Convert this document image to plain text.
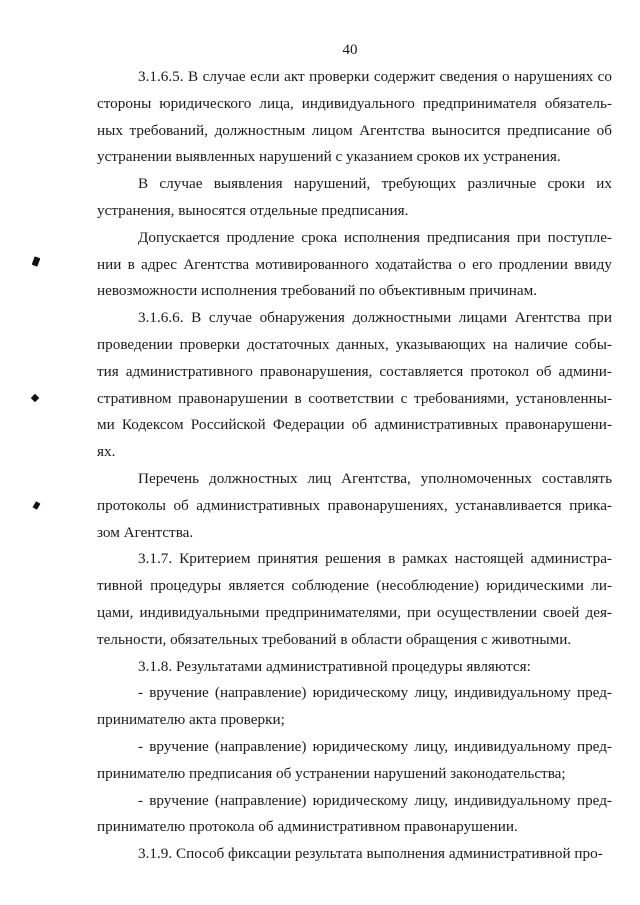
40
3.1.6.5. В случае если акт проверки содержит сведения о нарушениях со
стороны юридического лица, индивидуального предпринимателя обязатель-
ных требований, должностным лицом Агентства выносится предписание об
устранении выявленных нарушений с указанием сроков их устранения.
В случае выявления нарушений, требующих различные сроки их
устранения, выносятся отдельные предписания.
Допускается продление срока исполнения предписания при поступле-
нии в адрес Агентства мотивированного ходатайства о его продлении ввиду
невозможности исполнения требований по объективным причинам.
3.1.6.6. В случае обнаружения должностными лицами Агентства при
проведении проверки достаточных данных, указывающих на наличие собы-
тия административного правонарушения, составляется протокол об админи-
стративном правонарушении в соответствии с требованиями, установленны-
ми Кодексом Российской Федерации об административных правонарушени-
ях.
Перечень должностных лиц Агентства, уполномоченных составлять
протоколы об административных правонарушениях, устанавливается прика-
зом Агентства.
3.1.7. Критерием принятия решения в рамках настоящей администра-
тивной процедуры является соблюдение (несоблюдение) юридическими ли-
цами, индивидуальными предпринимателями, при осуществлении своей дея-
тельности, обязательных требований в области обращения с животными.
3.1.8. Результатами административной процедуры являются:
- вручение (направление) юридическому лицу, индивидуальному пред-
принимателю акта проверки;
- вручение (направление) юридическому лицу, индивидуальному пред-
принимателю предписания об устранении нарушений законодательства;
- вручение (направление) юридическому лицу, индивидуальному пред-
принимателю протокола об административном правонарушении.
3.1.9. Способ фиксации результата выполнения административной про-
